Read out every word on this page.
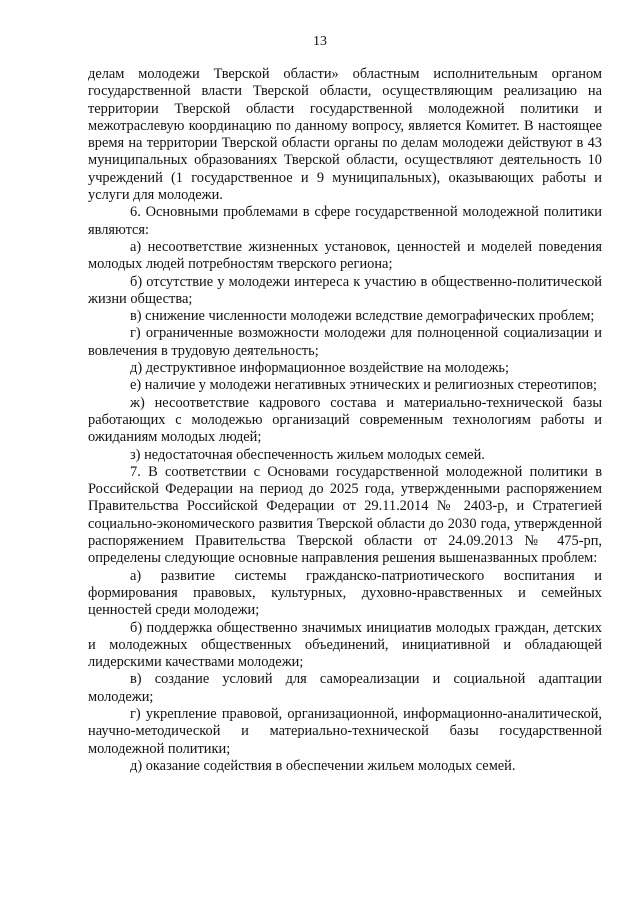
13

делам молодежи Тверской области» областным исполнительным органом государственной власти Тверской области, осуществляющим реализацию на территории Тверской области государственной молодежной политики и межотраслевую координацию по данному вопросу, является Комитет. В настоящее время на территории Тверской области органы по делам молодежи действуют в 43 муниципальных образованиях Тверской области, осуществляют деятельность 10 учреждений (1 государственное и 9 муниципальных), оказывающих работы и услуги для молодежи.

6. Основными проблемами в сфере государственной молодежной политики являются:

а) несоответствие жизненных установок, ценностей и моделей поведения молодых людей потребностям тверского региона;

б) отсутствие у молодежи интереса к участию в общественно-политической жизни общества;

в) снижение численности молодежи вследствие демографических проблем;

г) ограниченные возможности молодежи для полноценной социализации и вовлечения в трудовую деятельность;

д) деструктивное информационное воздействие на молодежь;

е) наличие у молодежи негативных этнических и религиозных стереотипов;

ж) несоответствие кадрового состава и материально-технической базы работающих с молодежью организаций современным технологиям работы и ожиданиям молодых людей;

з) недостаточная обеспеченность жильем молодых семей.

7. В соответствии с Основами государственной молодежной политики в Российской Федерации на период до 2025 года, утвержденными распоряжением Правительства Российской Федерации от 29.11.2014 № 2403-р, и Стратегией социально-экономического развития Тверской области до 2030 года, утвержденной распоряжением Правительства Тверской области от 24.09.2013 № 475-рп, определены следующие основные направления решения вышеназванных проблем:

а) развитие системы гражданско-патриотического воспитания и формирования правовых, культурных, духовно-нравственных и семейных ценностей среди молодежи;

б) поддержка общественно значимых инициатив молодых граждан, детских и молодежных общественных объединений, инициативной и обладающей лидерскими качествами молодежи;

в) создание условий для самореализации и социальной адаптации молодежи;

г) укрепление правовой, организационной, информационно-аналитической, научно-методической и материально-технической базы государственной молодежной политики;

д) оказание содействия в обеспечении жильем молодых семей.
